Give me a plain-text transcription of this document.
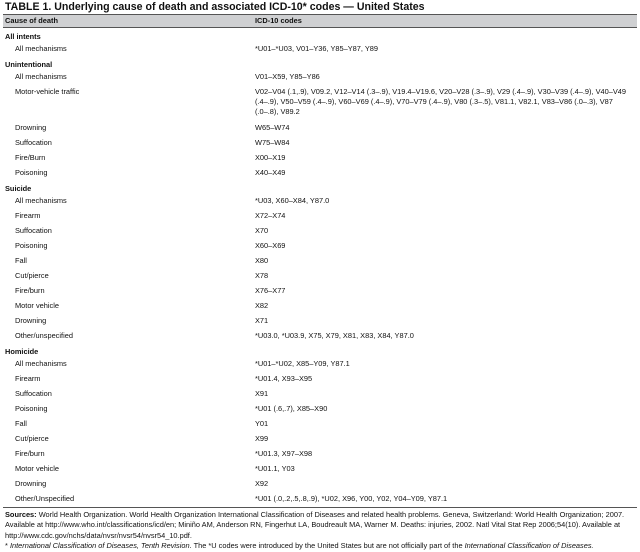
TABLE 1. Underlying cause of death and associated ICD-10* codes — United States
Cause of death	ICD-10 codes
All intents
All mechanisms	*U01–*U03, V01–Y36, Y85–Y87, Y89
Unintentional
All mechanisms	V01–X59, Y85–Y86
Motor-vehicle traffic	V02–V04 (.1,.9), V09.2, V12–V14 (.3–.9), V19.4–V19.6, V20–V28 (.3–.9), V29 (.4–.9), V30–V39 (.4–.9), V40–V49 (.4–.9), V50–V59 (.4–.9), V60–V69 (.4–.9), V70–V79 (.4–.9), V80 (.3–.5), V81.1, V82.1, V83–V86 (.0–.3), V87 (.0–.8), V89.2
Drowning	W65–W74
Suffocation	W75–W84
Fire/Burn	X00–X19
Poisoning	X40–X49
Suicide
All mechanisms	*U03, X60–X84, Y87.0
Firearm	X72–X74
Suffocation	X70
Poisoning	X60–X69
Fall	X80
Cut/pierce	X78
Fire/burn	X76–X77
Motor vehicle	X82
Drowning	X71
Other/unspecified	*U03.0, *U03.9, X75, X79, X81, X83, X84, Y87.0
Homicide
All mechanisms	*U01–*U02, X85–Y09, Y87.1
Firearm	*U01.4, X93–X95
Suffocation	X91
Poisoning	*U01 (.6,.7), X85–X90
Fall	Y01
Cut/pierce	X99
Fire/burn	*U01.3, X97–X98
Motor vehicle	*U01.1, Y03
Drowning	X92
Other/Unspecified	*U01 (.0,.2,.5,.8,.9), *U02, X96, Y00, Y02, Y04–Y09, Y87.1
Sources: World Health Organization. World Health Organization International Classification of Diseases and related health problems. Geneva, Switzerland: World Health Organization; 2007. Available at http://www.who.int/classifications/icd/en; Miniño AM, Anderson RN, Fingerhut LA, Boudreault MA, Warner M. Deaths: injuries, 2002. Natl Vital Stat Rep 2006;54(10). Available at http://www.cdc.gov/nchs/data/nvsr/nvsr54/nvsr54_10.pdf.
* International Classification of Diseases, Tenth Revision. The *U codes were introduced by the United States but are not officially part of the International Classification of Diseases.
